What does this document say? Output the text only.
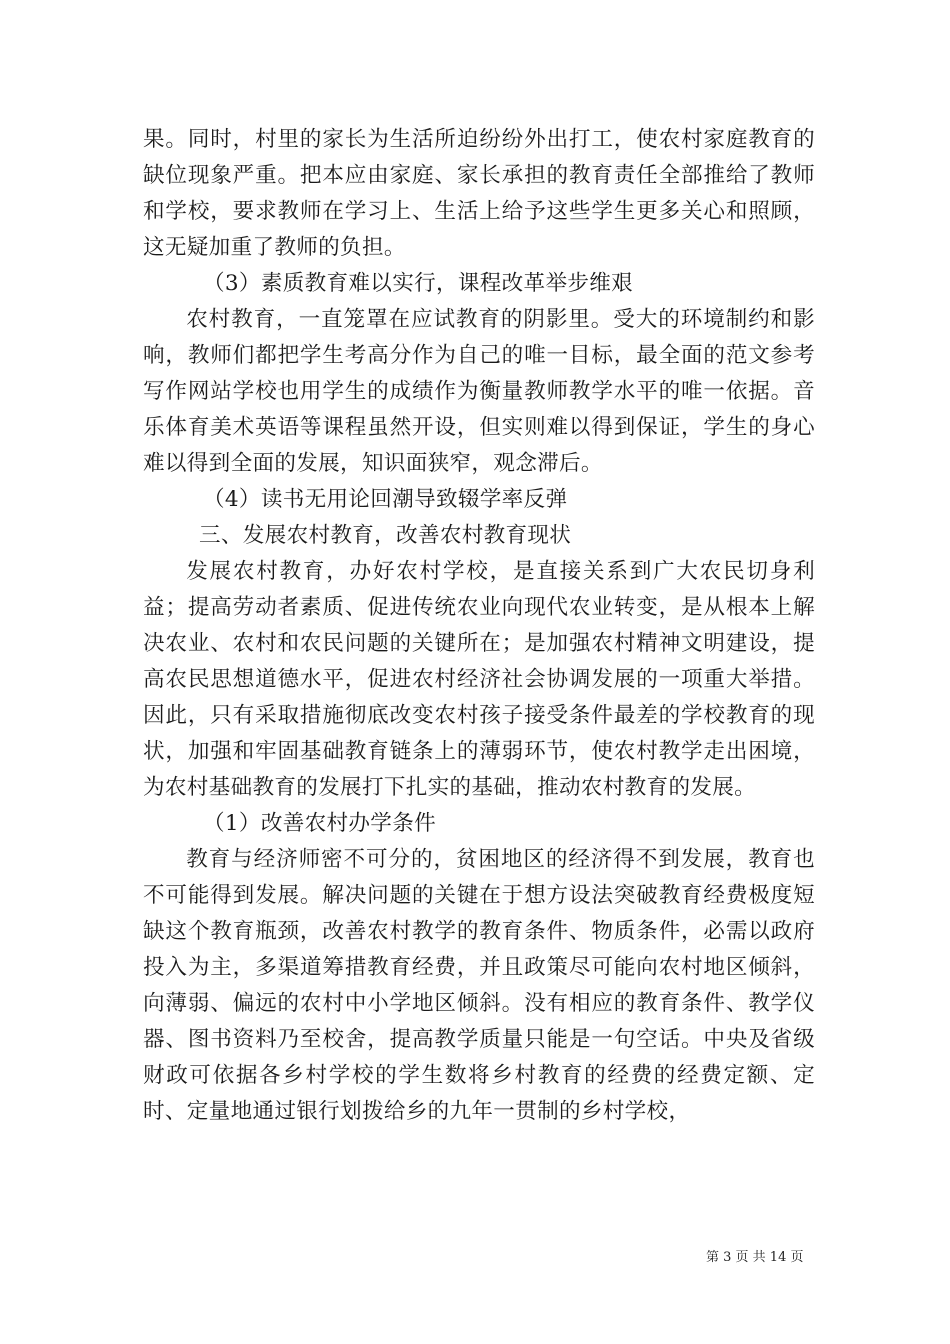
果。同时，村里的家长为生活所迫纷纷外出打工，使农村家庭教育的缺位现象严重。把本应由家庭、家长承担的教育责任全部推给了教师和学校，要求教师在学习上、生活上给予这些学生更多关心和照顾，这无疑加重了教师的负担。

（3）素质教育难以实行，课程改革举步维艰

农村教育，一直笼罩在应试教育的阴影里。受大的环境制约和影响，教师们都把学生考高分作为自己的唯一目标，最全面的范文参考写作网站学校也用学生的成绩作为衡量教师教学水平的唯一依据。音乐体育美术英语等课程虽然开设，但实则难以得到保证，学生的身心难以得到全面的发展，知识面狭窄，观念滞后。

（4）读书无用论回潮导致辍学率反弹

三、发展农村教育，改善农村教育现状

发展农村教育，办好农村学校，是直接关系到广大农民切身利益；提高劳动者素质、促进传统农业向现代农业转变，是从根本上解决农业、农村和农民问题的关键所在；是加强农村精神文明建设，提高农民思想道德水平，促进农村经济社会协调发展的一项重大举措。因此，只有采取措施彻底改变农村孩子接受条件最差的学校教育的现状，加强和牢固基础教育链条上的薄弱环节，使农村教学走出困境，为农村基础教育的发展打下扎实的基础，推动农村教育的发展。

（1）改善农村办学条件

教育与经济师密不可分的，贫困地区的经济得不到发展，教育也不可能得到发展。解决问题的关键在于想方设法突破教育经费极度短缺这个教育瓶颈，改善农村教学的教育条件、物质条件，必需以政府投入为主，多渠道筹措教育经费，并且政策尽可能向农村地区倾斜，向薄弱、偏远的农村中小学地区倾斜。没有相应的教育条件、教学仪器、图书资料乃至校舍，提高教学质量只能是一句空话。中央及省级财政可依据各乡村学校的学生数将乡村教育的经费的经费定额、定时、定量地通过银行划拨给乡的九年一贯制的乡村学校，

第 3 页 共 14 页
